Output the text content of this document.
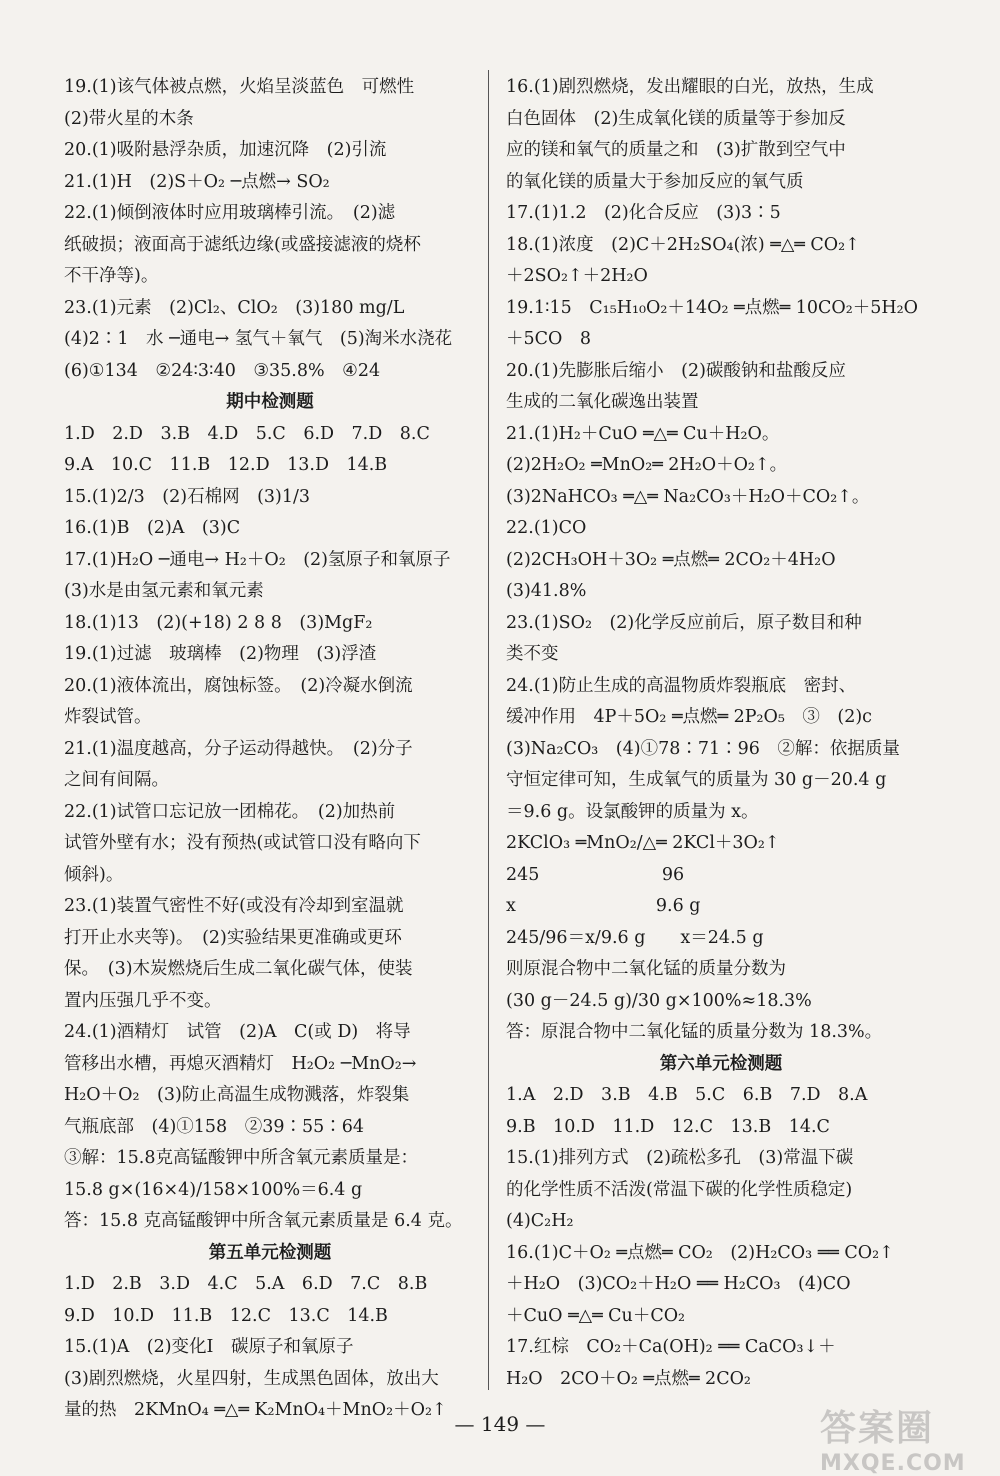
19.(1)该气体被点燃，火焰呈淡蓝色　可燃性
(2)带火星的木条
20.(1)吸附悬浮杂质，加速沉降　(2)引流
21.(1)H　(2)S＋O₂ ─点燃→ SO₂
22.(1)倾倒液体时应用玻璃棒引流。　(2)滤
纸破损；液面高于滤纸边缘(或盛接滤液的烧杯
不干净等)。
23.(1)元素　(2)Cl₂、ClO₂　(3)180 mg/L
(4)2∶1　水 ─通电→ 氢气＋氧气　(5)淘米水浇花
(6)①134　②24∶3∶40　③35.8%　④24
期中检测题
1.D　2.D　3.B　4.D　5.C　6.D　7.D　8.C
9.A　10.C　11.B　12.D　13.D　14.B
15.(1)2/3　(2)石棉网　(3)1/3
16.(1)B　(2)A　(3)C
17.(1)H₂O ─通电→ H₂＋O₂　(2)氢原子和氧原子
(3)水是由氢元素和氧元素
18.(1)13　(2)(+18) 2 8 8　(3)MgF₂
19.(1)过滤　玻璃棒　(2)物理　(3)浮渣
20.(1)液体流出，腐蚀标签。　(2)冷凝水倒流
炸裂试管。
21.(1)温度越高，分子运动得越快。　(2)分子
之间有间隔。
22.(1)试管口忘记放一团棉花。　(2)加热前
试管外壁有水；没有预热(或试管口没有略向下
倾斜)。
23.(1)装置气密性不好(或没有冷却到室温就
打开止水夹等)。　(2)实验结果更准确或更环
保。　(3)木炭燃烧后生成二氧化碳气体，使装
置内压强几乎不变。
24.(1)酒精灯　试管　(2)A　C(或 D)　将导
管移出水槽，再熄灭酒精灯　H₂O₂ ─MnO₂→
H₂O＋O₂　(3)防止高温生成物溅落，炸裂集
气瓶底部　(4)①158　②39∶55∶64
③解：15.8克高锰酸钾中所含氧元素质量是：
15.8 g×(16×4)/158×100%＝6.4 g
答：15.8 克高锰酸钾中所含氧元素质量是 6.4 克。
第五单元检测题
1.D　2.B　3.D　4.C　5.A　6.D　7.C　8.B
9.D　10.D　11.B　12.C　13.C　14.B
15.(1)A　(2)变化Ⅰ　碳原子和氧原子
(3)剧烈燃烧，火星四射，生成黑色固体，放出大
量的热　2KMnO₄ ═△═ K₂MnO₄＋MnO₂＋O₂↑
16.(1)剧烈燃烧，发出耀眼的白光，放热，生成
白色固体　(2)生成氧化镁的质量等于参加反
应的镁和氧气的质量之和　(3)扩散到空气中
的氧化镁的质量大于参加反应的氧气质
17.(1)1.2　(2)化合反应　(3)3∶5
18.(1)浓度　(2)C＋2H₂SO₄(浓) ═△═ CO₂↑
＋2SO₂↑＋2H₂O
19.1∶15　C₁₅H₁₀O₂＋14O₂ ═点燃═ 10CO₂＋5H₂O
＋5CO　8
20.(1)先膨胀后缩小　(2)碳酸钠和盐酸反应
生成的二氧化碳逸出装置
21.(1)H₂＋CuO ═△═ Cu＋H₂O。
(2)2H₂O₂ ═MnO₂═ 2H₂O＋O₂↑。
(3)2NaHCO₃ ═△═ Na₂CO₃＋H₂O＋CO₂↑。
22.(1)CO
(2)2CH₃OH＋3O₂ ═点燃═ 2CO₂＋4H₂O
(3)41.8%
23.(1)SO₂　(2)化学反应前后，原子数目和种
类不变
24.(1)防止生成的高温物质炸裂瓶底　密封、
缓冲作用　4P＋5O₂ ═点燃═ 2P₂O₅　③　(2)c
(3)Na₂CO₃　(4)①78∶71∶96　②解：依据质量
守恒定律可知，生成氧气的质量为 30 g－20.4 g
＝9.6 g。设氯酸钾的质量为 x。
2KClO₃ ═MnO₂/△═ 2KCl＋3O₂↑
245　　　　　　　96
x　　　　　　　　9.6 g
245/96＝x/9.6 g　　x＝24.5 g
则原混合物中二氧化锰的质量分数为
(30 g－24.5 g)/30 g×100%≈18.3%
答：原混合物中二氧化锰的质量分数为 18.3%。
第六单元检测题
1.A　2.D　3.B　4.B　5.C　6.B　7.D　8.A
9.B　10.D　11.D　12.C　13.B　14.C
15.(1)排列方式　(2)疏松多孔　(3)常温下碳
的化学性质不活泼(常温下碳的化学性质稳定)
(4)C₂H₂
16.(1)C＋O₂ ═点燃═ CO₂　(2)H₂CO₃ ══ CO₂↑
＋H₂O　(3)CO₂＋H₂O ══ H₂CO₃　(4)CO
＋CuO ═△═ Cu＋CO₂
17.红棕　CO₂＋Ca(OH)₂ ══ CaCO₃↓＋
H₂O　2CO＋O₂ ═点燃═ 2CO₂
— 149 —	答案圈
MXQE.COM
